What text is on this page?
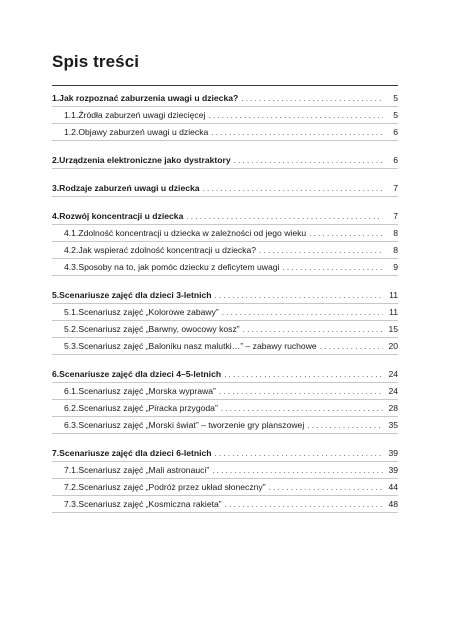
Spis treści
1. Jak rozpoznać zaburzenia uwagi u dziecka? . . .	5
1.1. Źródła zaburzeń uwagi dziecięcej . . .	5
1.2. Objawy zaburzeń uwagi u dziecka . . .	6
2. Urządzenia elektroniczne jako dystraktory . . .	6
3. Rodzaje zaburzeń uwagi u dziecka . . .	7
4. Rozwój koncentracji u dziecka . . .	7
4.1. Zdolność koncentracji u dziecka w zależności od jego wieku . . .	8
4.2. Jak wspierać zdolność koncentracji u dziecka? . . .	8
4.3. Sposoby na to, jak pomóc dziecku z deficytem uwagi . . .	9
5. Scenariusze zajęć dla dzieci 3-letnich . . .	11
5.1. Scenariusz zajęć „Kolorowe zabawy” . . .	11
5.2. Scenariusz zajęć „Barwny, owocowy kosz” . . .	15
5.3. Scenariusz zajęć „Baloniku nasz malutki…” – zabawy ruchowe . . .	20
6. Scenariusze zajęć dla dzieci 4–5-letnich . . .	24
6.1. Scenariusz zajęć „Morska wyprawa” . . .	24
6.2. Scenariusz zajęć „Piracka przygoda” . . .	28
6.3. Scenariusz zajęć „Morski świat” – tworzenie gry planszowej . . .	35
7. Scenariusze zajęć dla dzieci 6-letnich . . .	39
7.1. Scenariusz zajęć „Mali astronauci” . . .	39
7.2. Scenariusz zajęć „Podróż przez układ słoneczny” . . .	44
7.3. Scenariusz zajęć „Kosmiczna rakieta” . . .	48
